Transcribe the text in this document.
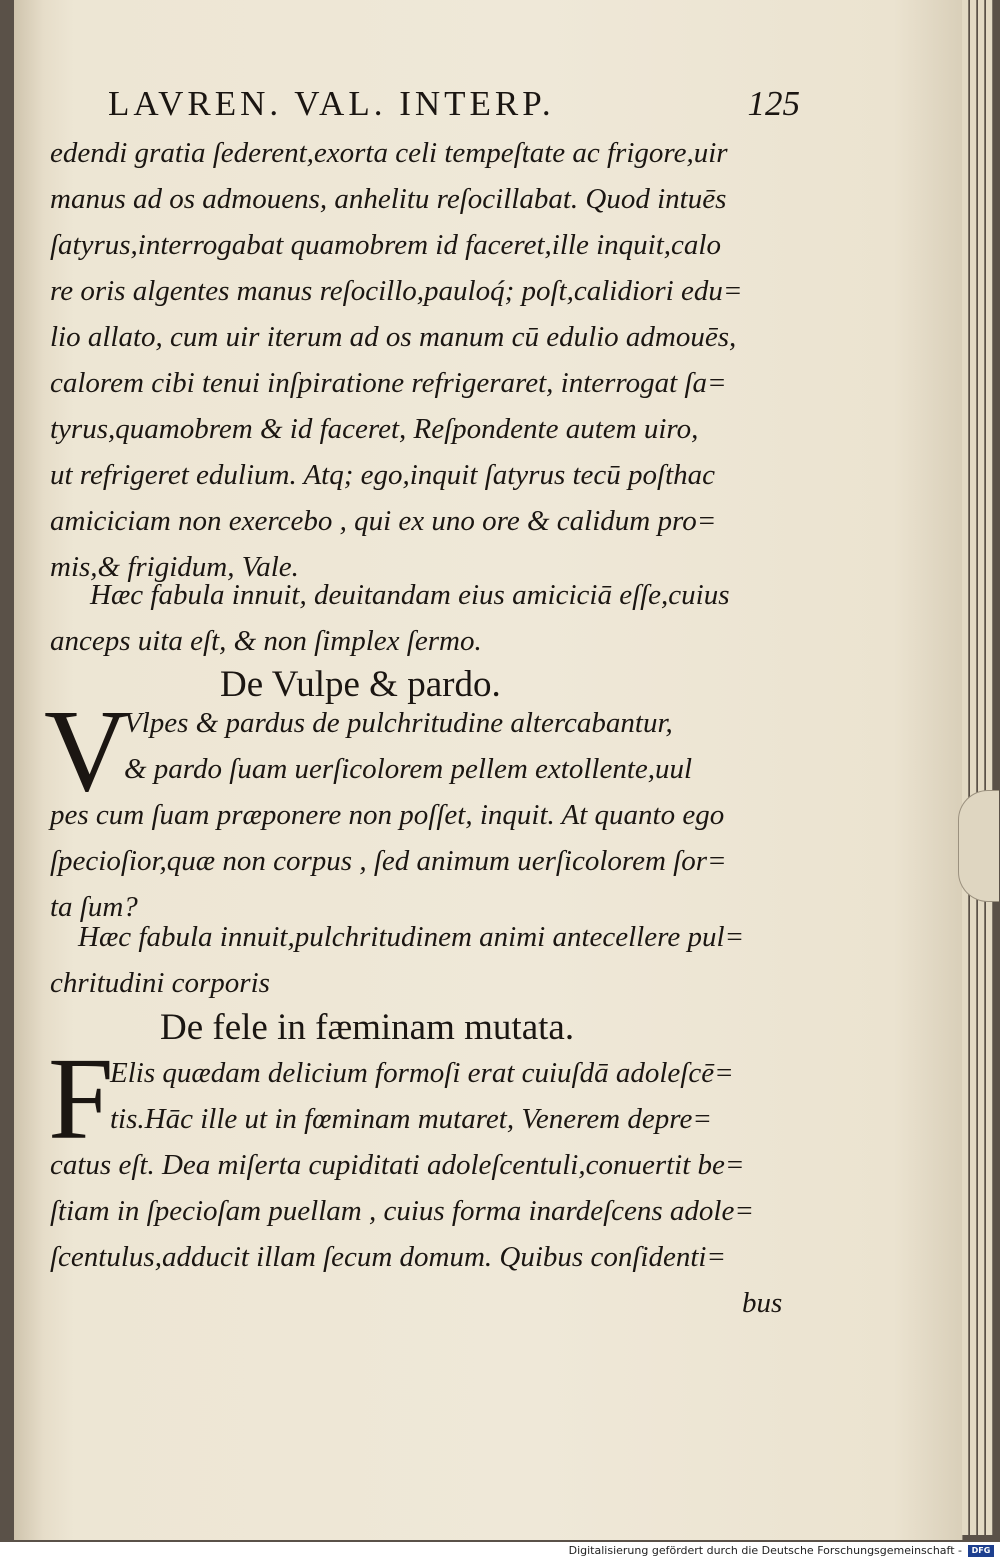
LAVREN. VAL. INTERP.	125
edendi gratia ſederent,exorta celi tempeſtate ac frigore,uir
manus ad os admouens, anhelitu reſocillabat. Quod intuēs
ſatyrus,interrogabat quamobrem id faceret,ille inquit,calo
re oris algentes manus reſocillo,pauloq́; poſt,calidiori edu=
lio allato, cum uir iterum ad os manum cū edulio admouēs,
calorem cibi tenui inſpiratione refrigeraret, interrogat ſa=
tyrus,quamobrem & id faceret, Reſpondente autem uiro,
ut refrigeret edulium. Atq; ego,inquit ſatyrus tecū poſthac
amiciciam non exercebo , qui ex uno ore & calidum pro=
mis,& frigidum, Vale.
Hæc fabula innuit, deuitandam eius amiciciā eſſe,cuius
anceps uita eſt, & non ſimplex ſermo.
De Vulpe & pardo.
V
Vlpes & pardus de pulchritudine altercabantur,
& pardo ſuam uerſicolorem pellem extollente,uul
pes cum ſuam præponere non poſſet, inquit. At quanto ego
ſpecioſior,quæ non corpus , ſed animum uerſicolorem ſor=
ta ſum?
Hæc fabula innuit,pulchritudinem animi antecellere pul=
chritudini corporis
De fele in fæminam mutata.
F
Elis quædam delicium formoſi erat cuiuſdā adoleſcē=
tis.Hāc ille ut in fœminam mutaret, Venerem depre=
catus eſt. Dea miſerta cupiditati adoleſcentuli,conuertit be=
ſtiam in ſpecioſam puellam , cuius forma inardeſcens adole=
ſcentulus,adducit illam ſecum domum. Quibus conſidenti=
bus
Digitalisierung gefördert durch die Deutsche Forschungsgemeinschaft -	DFG
